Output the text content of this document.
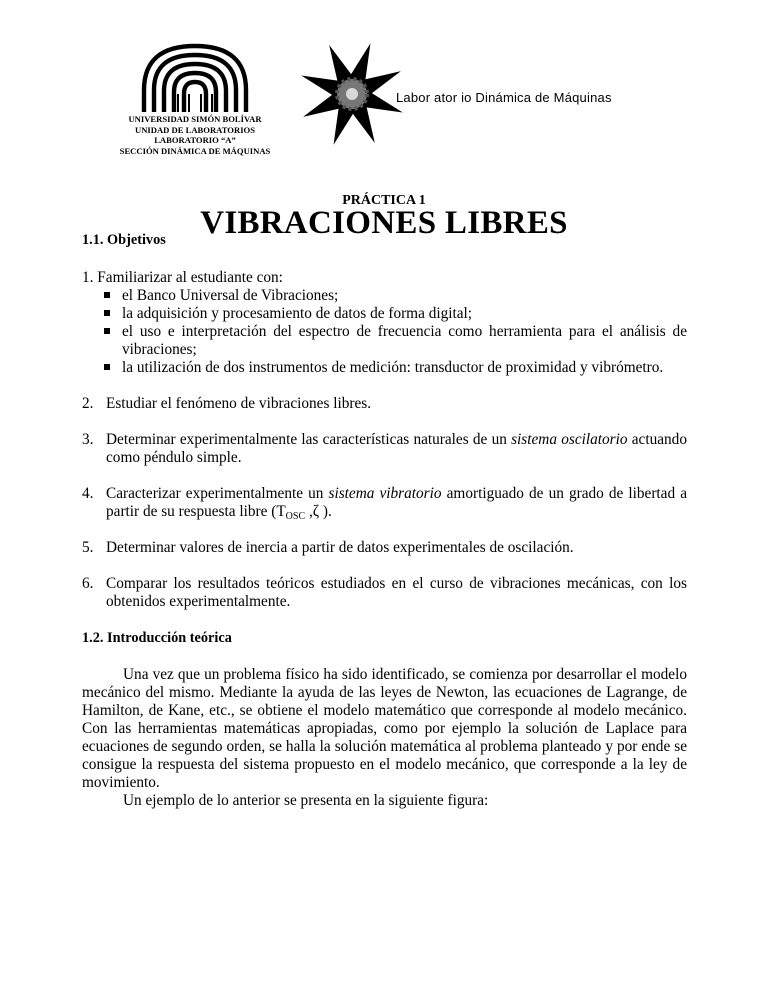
Labor ator io Dinámica de Máquinas
UNIVERSIDAD SIMÓN BOLÍVAR
UNIDAD DE LABORATORIOS
LABORATORIO “A”
SECCIÓN DINÁMICA DE MÁQUINAS
PRÁCTICA 1
VIBRACIONES LIBRES
1.1. Objetivos
1. Familiarizar al estudiante con:
el Banco Universal de Vibraciones;
la adquisición y procesamiento de datos de forma digital;
el uso e interpretación del espectro de frecuencia como herramienta para el análisis de vibraciones;
la utilización de dos instrumentos de medición: transductor de proximidad y vibrómetro.
2. Estudiar el fenómeno de vibraciones libres.
3. Determinar experimentalmente las características naturales de un sistema oscilatorio actuando como péndulo simple.
4. Caracterizar experimentalmente un sistema vibratorio amortiguado de un grado de libertad a partir de su respuesta libre ($T_{OSC}$ ,ζ ).
5. Determinar valores de inercia a partir de datos experimentales de oscilación.
6. Comparar los resultados teóricos estudiados en el curso de vibraciones mecánicas, con los obtenidos experimentalmente.
1.2. Introducción teórica
Una vez que un problema físico ha sido identificado, se comienza por desarrollar el modelo mecánico del mismo. Mediante la ayuda de las leyes de Newton, las ecuaciones de Lagrange, de Hamilton, de Kane, etc., se obtiene el modelo matemático que corresponde al modelo mecánico. Con las herramientas matemáticas apropiadas, como por ejemplo la solución de Laplace para ecuaciones de segundo orden, se halla la solución matemática al problema planteado y por ende se consigue la respuesta del sistema propuesto en el modelo mecánico, que corresponde a la ley de movimiento.
Un ejemplo de lo anterior se presenta en la siguiente figura:
